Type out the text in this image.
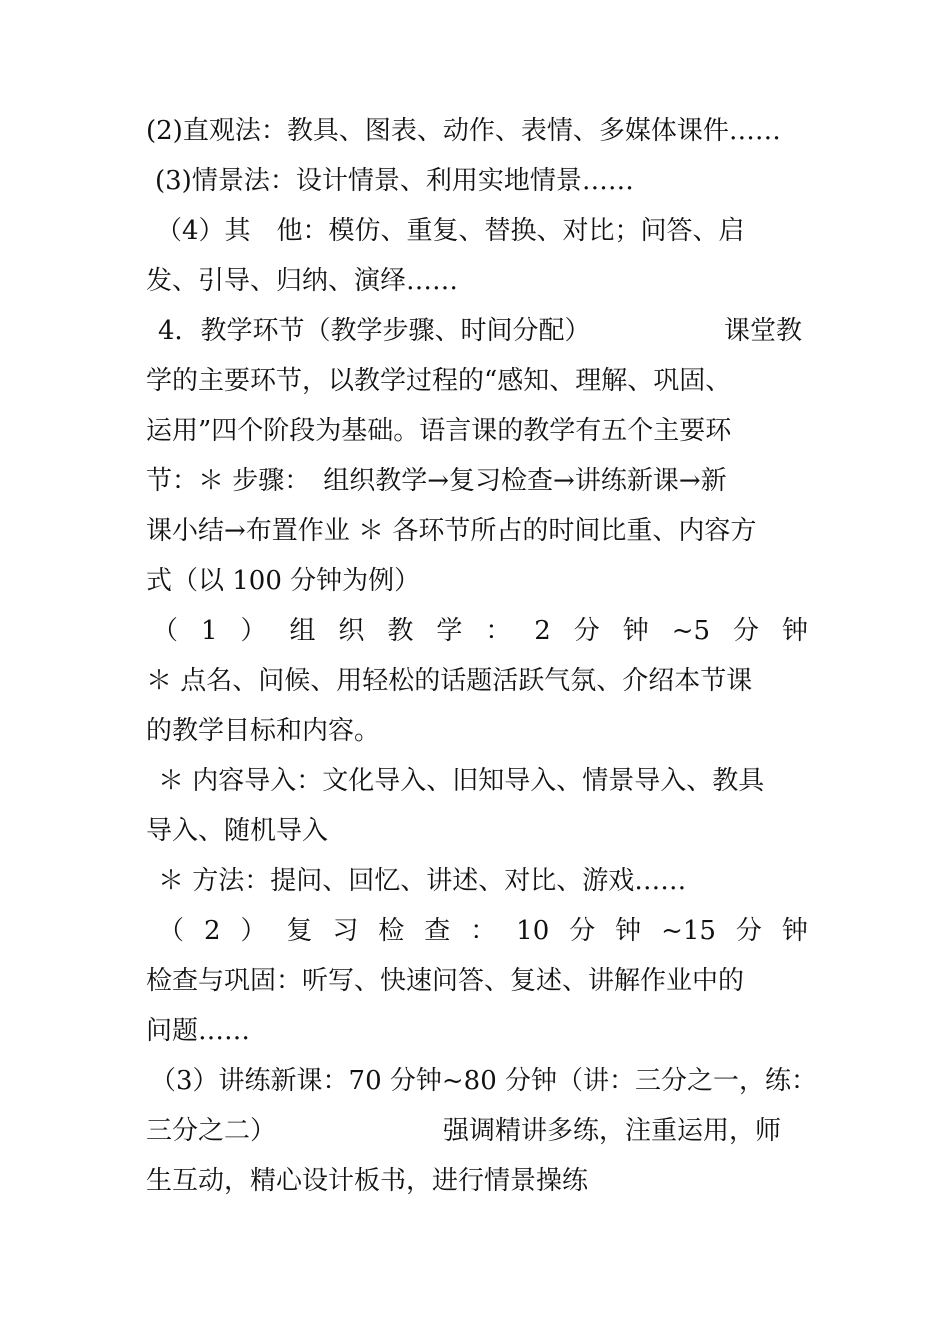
(2)直观法：教具、图表、动作、表情、多媒体课件……
(3)情景法：设计情景、利用实地情景……
（4）其　他：模仿、重复、替换、对比；问答、启
发、引导、归纳、演绎……
4．教学环节（教学步骤、时间分配）	课堂教
学的主要环节，以教学过程的“感知、理解、巩固、
运用”四个阶段为基础。语言课的教学有五个主要环
节：＊ 步骤：　组织教学→复习检查→讲练新课→新
课小结→布置作业 ＊ 各环节所占的时间比重、内容方
式（以 100 分钟为例）
（ 1 ） 组 织 教 学 ： 2 分 钟 ~5 分 钟
＊ 点名、问候、用轻松的话题活跃气氛、介绍本节课
的教学目标和内容。
＊ 内容导入：文化导入、旧知导入、情景导入、教具
导入、随机导入
＊ 方法：提问、回忆、讲述、对比、游戏……
（ 2 ） 复 习 检 查 ： 10 分 钟 ~15 分 钟
检查与巩固：听写、快速问答、复述、讲解作业中的
问题……
（3）讲练新课：70 分钟~80 分钟（讲：三分之一，练：
三分之二）	强调精讲多练，注重运用，师
生互动，精心设计板书，进行情景操练
